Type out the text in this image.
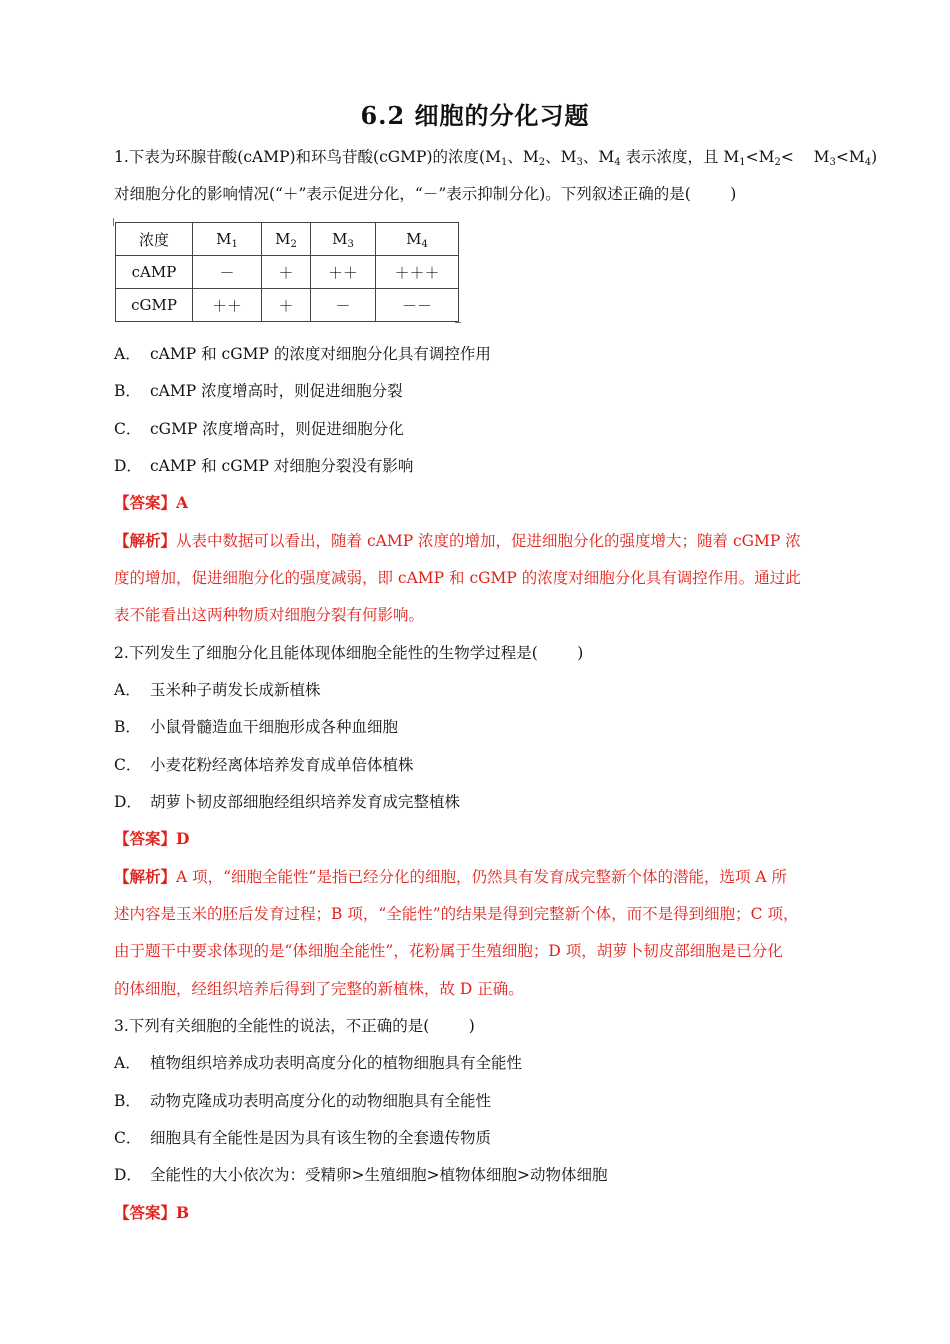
6.2 细胞的分化习题
1.下表为环腺苷酸(cAMP)和环鸟苷酸(cGMP)的浓度($M_1$、$M_2$、$M_3$、$M_4$ 表示浓度，且 $M_1<M_2<$    $M_3<M_4$)
对细胞分化的影响情况(“＋”表示促进分化，“－”表示抑制分化)。下列叙述正确的是(        )
浓度	$M_1$	$M_2$	$M_3$	$M_4$
cAMP	－	＋	＋＋	＋＋＋
cGMP	＋＋	＋	－	－－
A． cAMP 和 cGMP 的浓度对细胞分化具有调控作用
B． cAMP 浓度增高时，则促进细胞分裂
C． cGMP 浓度增高时，则促进细胞分化
D． cAMP 和 cGMP 对细胞分裂没有影响
【答案】A
【解析】从表中数据可以看出，随着 cAMP 浓度的增加，促进细胞分化的强度增大；随着 cGMP 浓
度的增加，促进细胞分化的强度减弱，即 cAMP 和 cGMP 的浓度对细胞分化具有调控作用。通过此
表不能看出这两种物质对细胞分裂有何影响。
2.下列发生了细胞分化且能体现体细胞全能性的生物学过程是(        )
A． 玉米种子萌发长成新植株
B． 小鼠骨髓造血干细胞形成各种血细胞
C． 小麦花粉经离体培养发育成单倍体植株
D． 胡萝卜韧皮部细胞经组织培养发育成完整植株
【答案】D
【解析】A 项，“细胞全能性”是指已经分化的细胞，仍然具有发育成完整新个体的潜能，选项 A 所
述内容是玉米的胚后发育过程；B 项，“全能性”的结果是得到完整新个体，而不是得到细胞；C 项，
由于题干中要求体现的是“体细胞全能性”，花粉属于生殖细胞；D 项，胡萝卜韧皮部细胞是已分化
的体细胞，经组织培养后得到了完整的新植株，故 D 正确。
3.下列有关细胞的全能性的说法，不正确的是(        )
A． 植物组织培养成功表明高度分化的植物细胞具有全能性
B． 动物克隆成功表明高度分化的动物细胞具有全能性
C． 细胞具有全能性是因为具有该生物的全套遗传物质
D． 全能性的大小依次为：受精卵>生殖细胞>植物体细胞>动物体细胞
【答案】B
